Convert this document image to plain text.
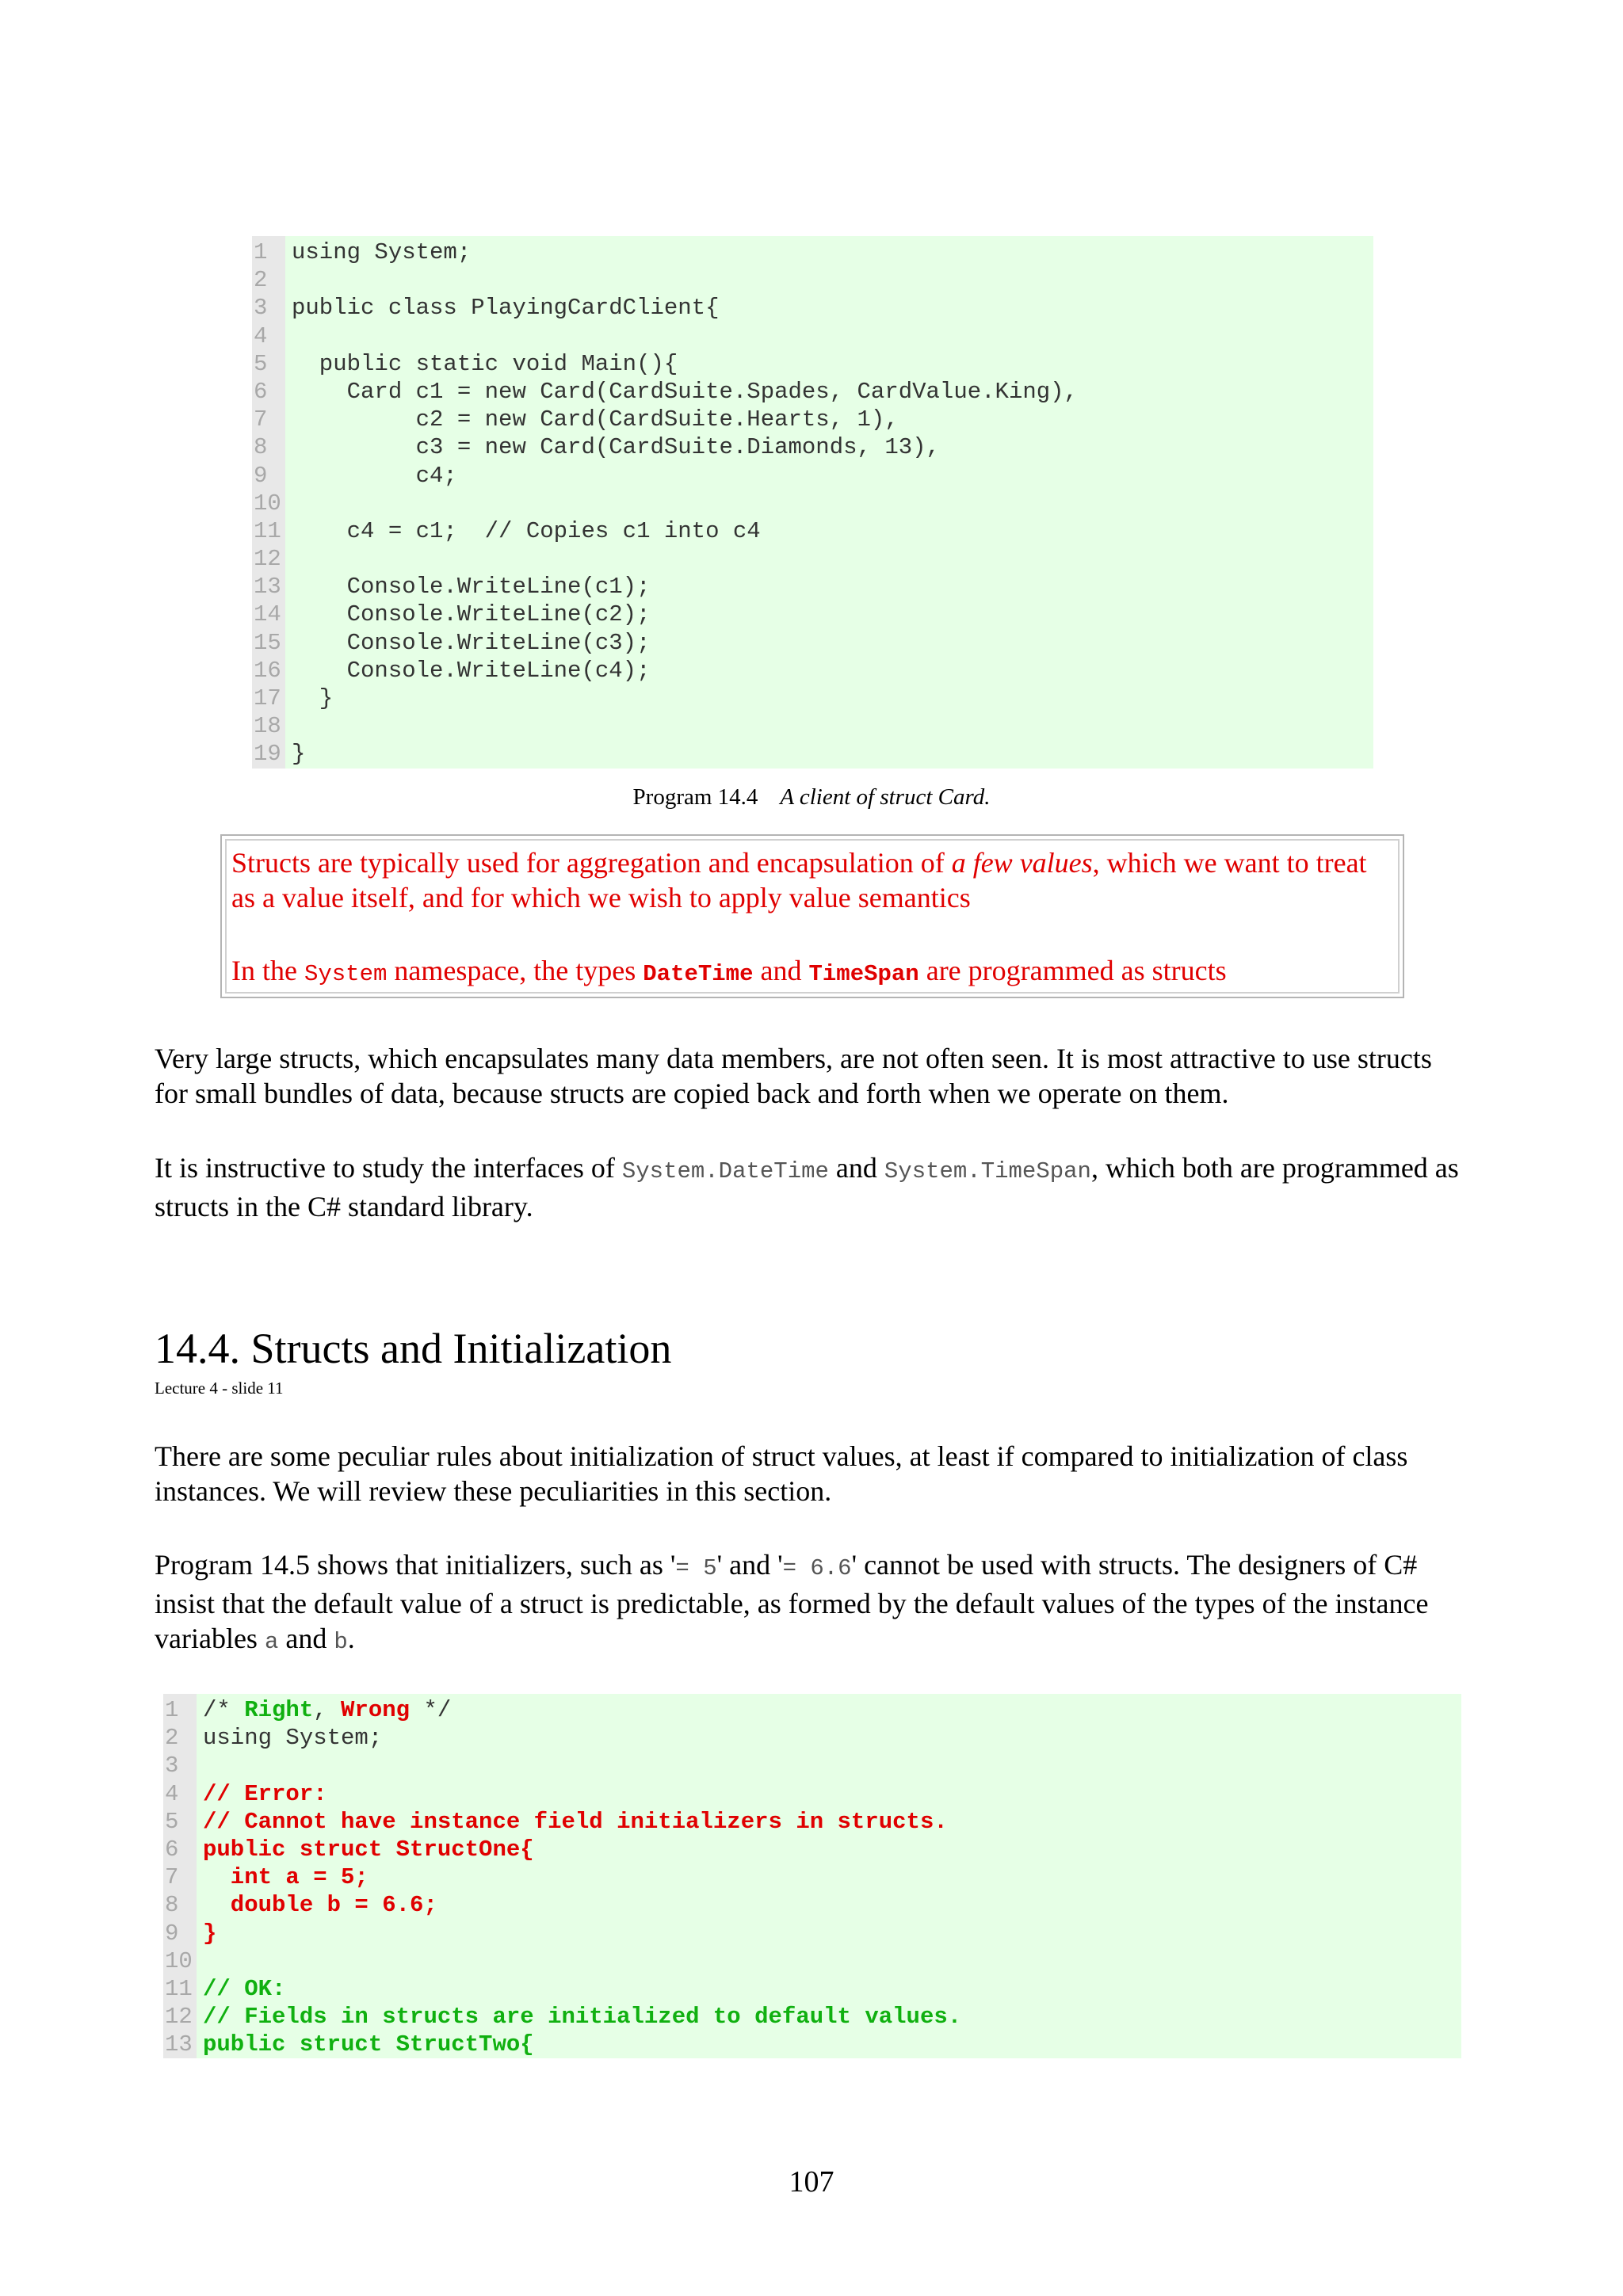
1	using System;
2
3	public class PlayingCardClient{
4
5	public static void Main(){
6	Card c1 = new Card(CardSuite.Spades, CardValue.King),
7	c2 = new Card(CardSuite.Hearts, 1),
8	c3 = new Card(CardSuite.Diamonds, 13),
9	c4;
10
11 c4 = c1;  // Copies c1 into c4
12
13 Console.WriteLine(c1);
14 Console.WriteLine(c2);
15 Console.WriteLine(c3);
16 Console.WriteLine(c4);
17 }
18
19 }
Program 14.4 A client of struct Card.

Structs are typically used for aggregation and encapsulation of a few values, which we want to treat as a value itself, and for which we wish to apply value semantics

In the System namespace, the types DateTime and TimeSpan are programmed as structs

Very large structs, which encapsulates many data members, are not often seen. It is most attractive to use structs for small bundles of data, because structs are copied back and forth when we operate on them.

It is instructive to study the interfaces of System.DateTime and System.TimeSpan, which both are programmed as structs in the C# standard library.

14.4. Structs and Initialization
Lecture 4 - slide 11

There are some peculiar rules about initialization of struct values, at least if compared to initialization of class instances. We will review these peculiarities in this section.

Program 14.5 shows that initializers, such as '= 5' and '= 6.6' cannot be used with structs. The designers of C# insist that the default value of a struct is predictable, as formed by the default values of the types of the instance variables a and b.

1	/* Right, Wrong */
2	using System;
3
4	// Error:
5	// Cannot have instance field initializers in structs.
6	public struct StructOne{
7	int a = 5;
8	double b = 6.6;
9	}
10
11 // OK:
12 // Fields in structs are initialized to default values.
13 public struct StructTwo{
107
